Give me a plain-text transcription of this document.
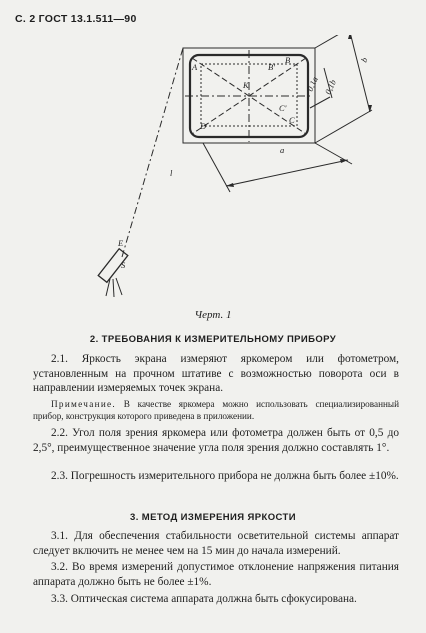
С. 2 ГОСТ 13.1.511—90
A	B'
B
K
C'
D
C
l
E
S
a
b
0,1a 0,1b
Черт. 1
2. ТРЕБОВАНИЯ К ИЗМЕРИТЕЛЬНОМУ ПРИБОРУ
2.1. Яркость экрана измеряют яркомером или фотометром, установленным на прочном штативе с возможностью поворота оси в направлении измеряемых точек экрана.
Примечание. В качестве яркомера можно использовать специализированный прибор, конструкция которого приведена в приложении.
2.2. Угол поля зрения яркомера или фотометра должен быть от 0,5 до 2,5°, преимущественное значение угла поля зрения должно составлять 1°.
2.3. Погрешность измерительного прибора не должна быть более ±10%.
3. МЕТОД ИЗМЕРЕНИЯ ЯРКОСТИ
3.1. Для обеспечения стабильности осветительной системы аппарат следует включить не менее чем на 15 мин до начала измерений.
3.2. Во время измерений допустимое отклонение напряжения питания аппарата должно быть не более ±1%.
3.3. Оптическая система аппарата должна быть сфокусирована.
